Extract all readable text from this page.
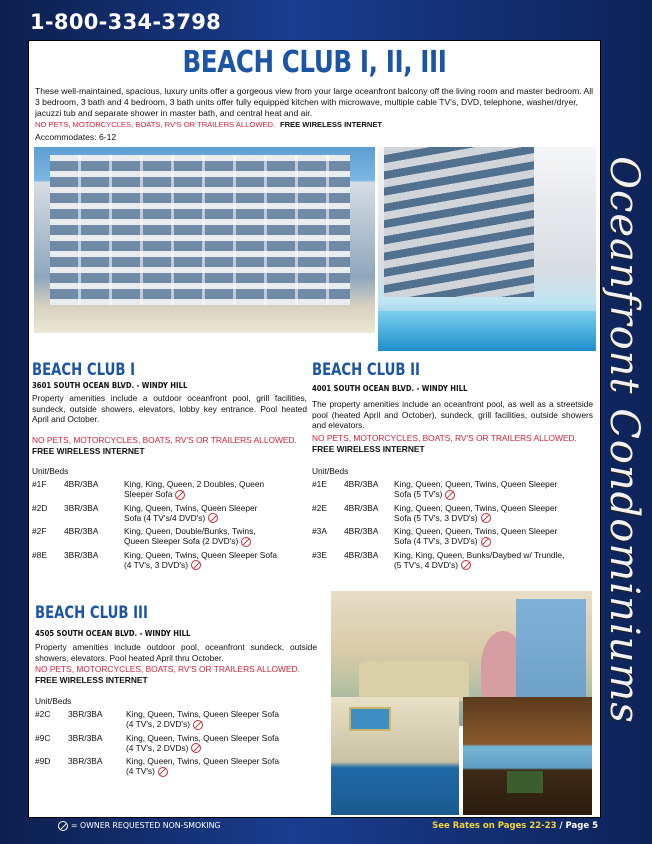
1-800-334-3798
Oceanfront Condominiums
BEACH CLUB I, II, III
These well-maintained, spacious, luxury units offer a gorgeous view from your large oceanfront balcony off the living room and master bedroom. All 3 bedroom, 3 bath and 4 bedroom, 3 bath units offer fully equipped kitchen with microwave, multiple cable TV's, DVD, telephone, washer/dryer, jacuzzi tub and separate shower in master bath, and central heat and air.
NO PETS, MOTORCYCLES, BOATS, RV'S OR TRAILERS ALLOWED. FREE WIRELESS INTERNET
Accommodates: 6-12
BEACH CLUB I
3601 SOUTH OCEAN BLVD. - WINDY HILL
Property amenities include a outdoor oceanfront pool, grill facilities, sundeck, outside showers, elevators, lobby key entrance. Pool heated April and October.
NO PETS, MOTORCYCLES, BOATS, RV'S OR TRAILERS ALLOWED.
FREE WIRELESS INTERNET
Unit/Beds
#1F 4BR/3BA	King, King, Queen, 2 Doubles, Queen
Sleeper Sofa
#2D 3BR/3BA	King, Queen, Twins, Queen Sleeper
Sofa (4 TV's/4 DVD's)
#2F 4BR/3BA	King, Queen, Double/Bunks, Twins,
Queen Sleeper Sofa (2 DVD's)
#8E 3BR/3BA	King, Queen, Twins, Queen Sleeper Sofa
(4 TV's, 3 DVD's)
BEACH CLUB II
4001 SOUTH OCEAN BLVD. - WINDY HILL
The property amenities include an oceanfront pool, as well as a streetside pool (heated April and October), sundeck, grill facilities, outside showers and elevators.
NO PETS, MOTORCYCLES, BOATS, RV'S OR TRAILERS ALLOWED.
FREE WIRELESS INTERNET
Unit/Beds
#1E 4BR/3BA King, Queen, Queen, Twins, Queen Sleeper
Sofa (5 TV's)
#2E 4BR/3BA King, Queen, Queen, Twins, Queen Sleeper
Sofa (5 TV's, 3 DVD's)
#3A 4BR/3BA King, Queen, Queen, Twins, Queen Sleeper
Sofa (4 TV's, 3 DVD's)
#3E 4BR/3BA King, King, Queen, Bunks/Daybed w/ Trundle,
(5 TV's, 4 DVD's)
BEACH CLUB III
4505 SOUTH OCEAN BLVD. - WINDY HILL
Property amenities include outdoor pool, oceanfront sundeck, outside showers, elevators. Pool heated April thru October.
NO PETS, MOTORCYCLES, BOATS, RV'S OR TRAILERS ALLOWED.
FREE WIRELESS INTERNET
Unit/Beds
#2C 3BR/3BA	King, Queen, Twins, Queen Sleeper Sofa
(4 TV's, 2 DVD's)
#9C 3BR/3BA	King, Queen, Twins, Queen Sleeper Sofa
(4 TV's, 2 DVDs)
#9D 3BR/3BA	King, Queen, Twins, Queen Sleeper Sofa
(4 TV's)
= OWNER REQUESTED NON-SMOKING	See Rates on Pages 22-23 / Page 5
